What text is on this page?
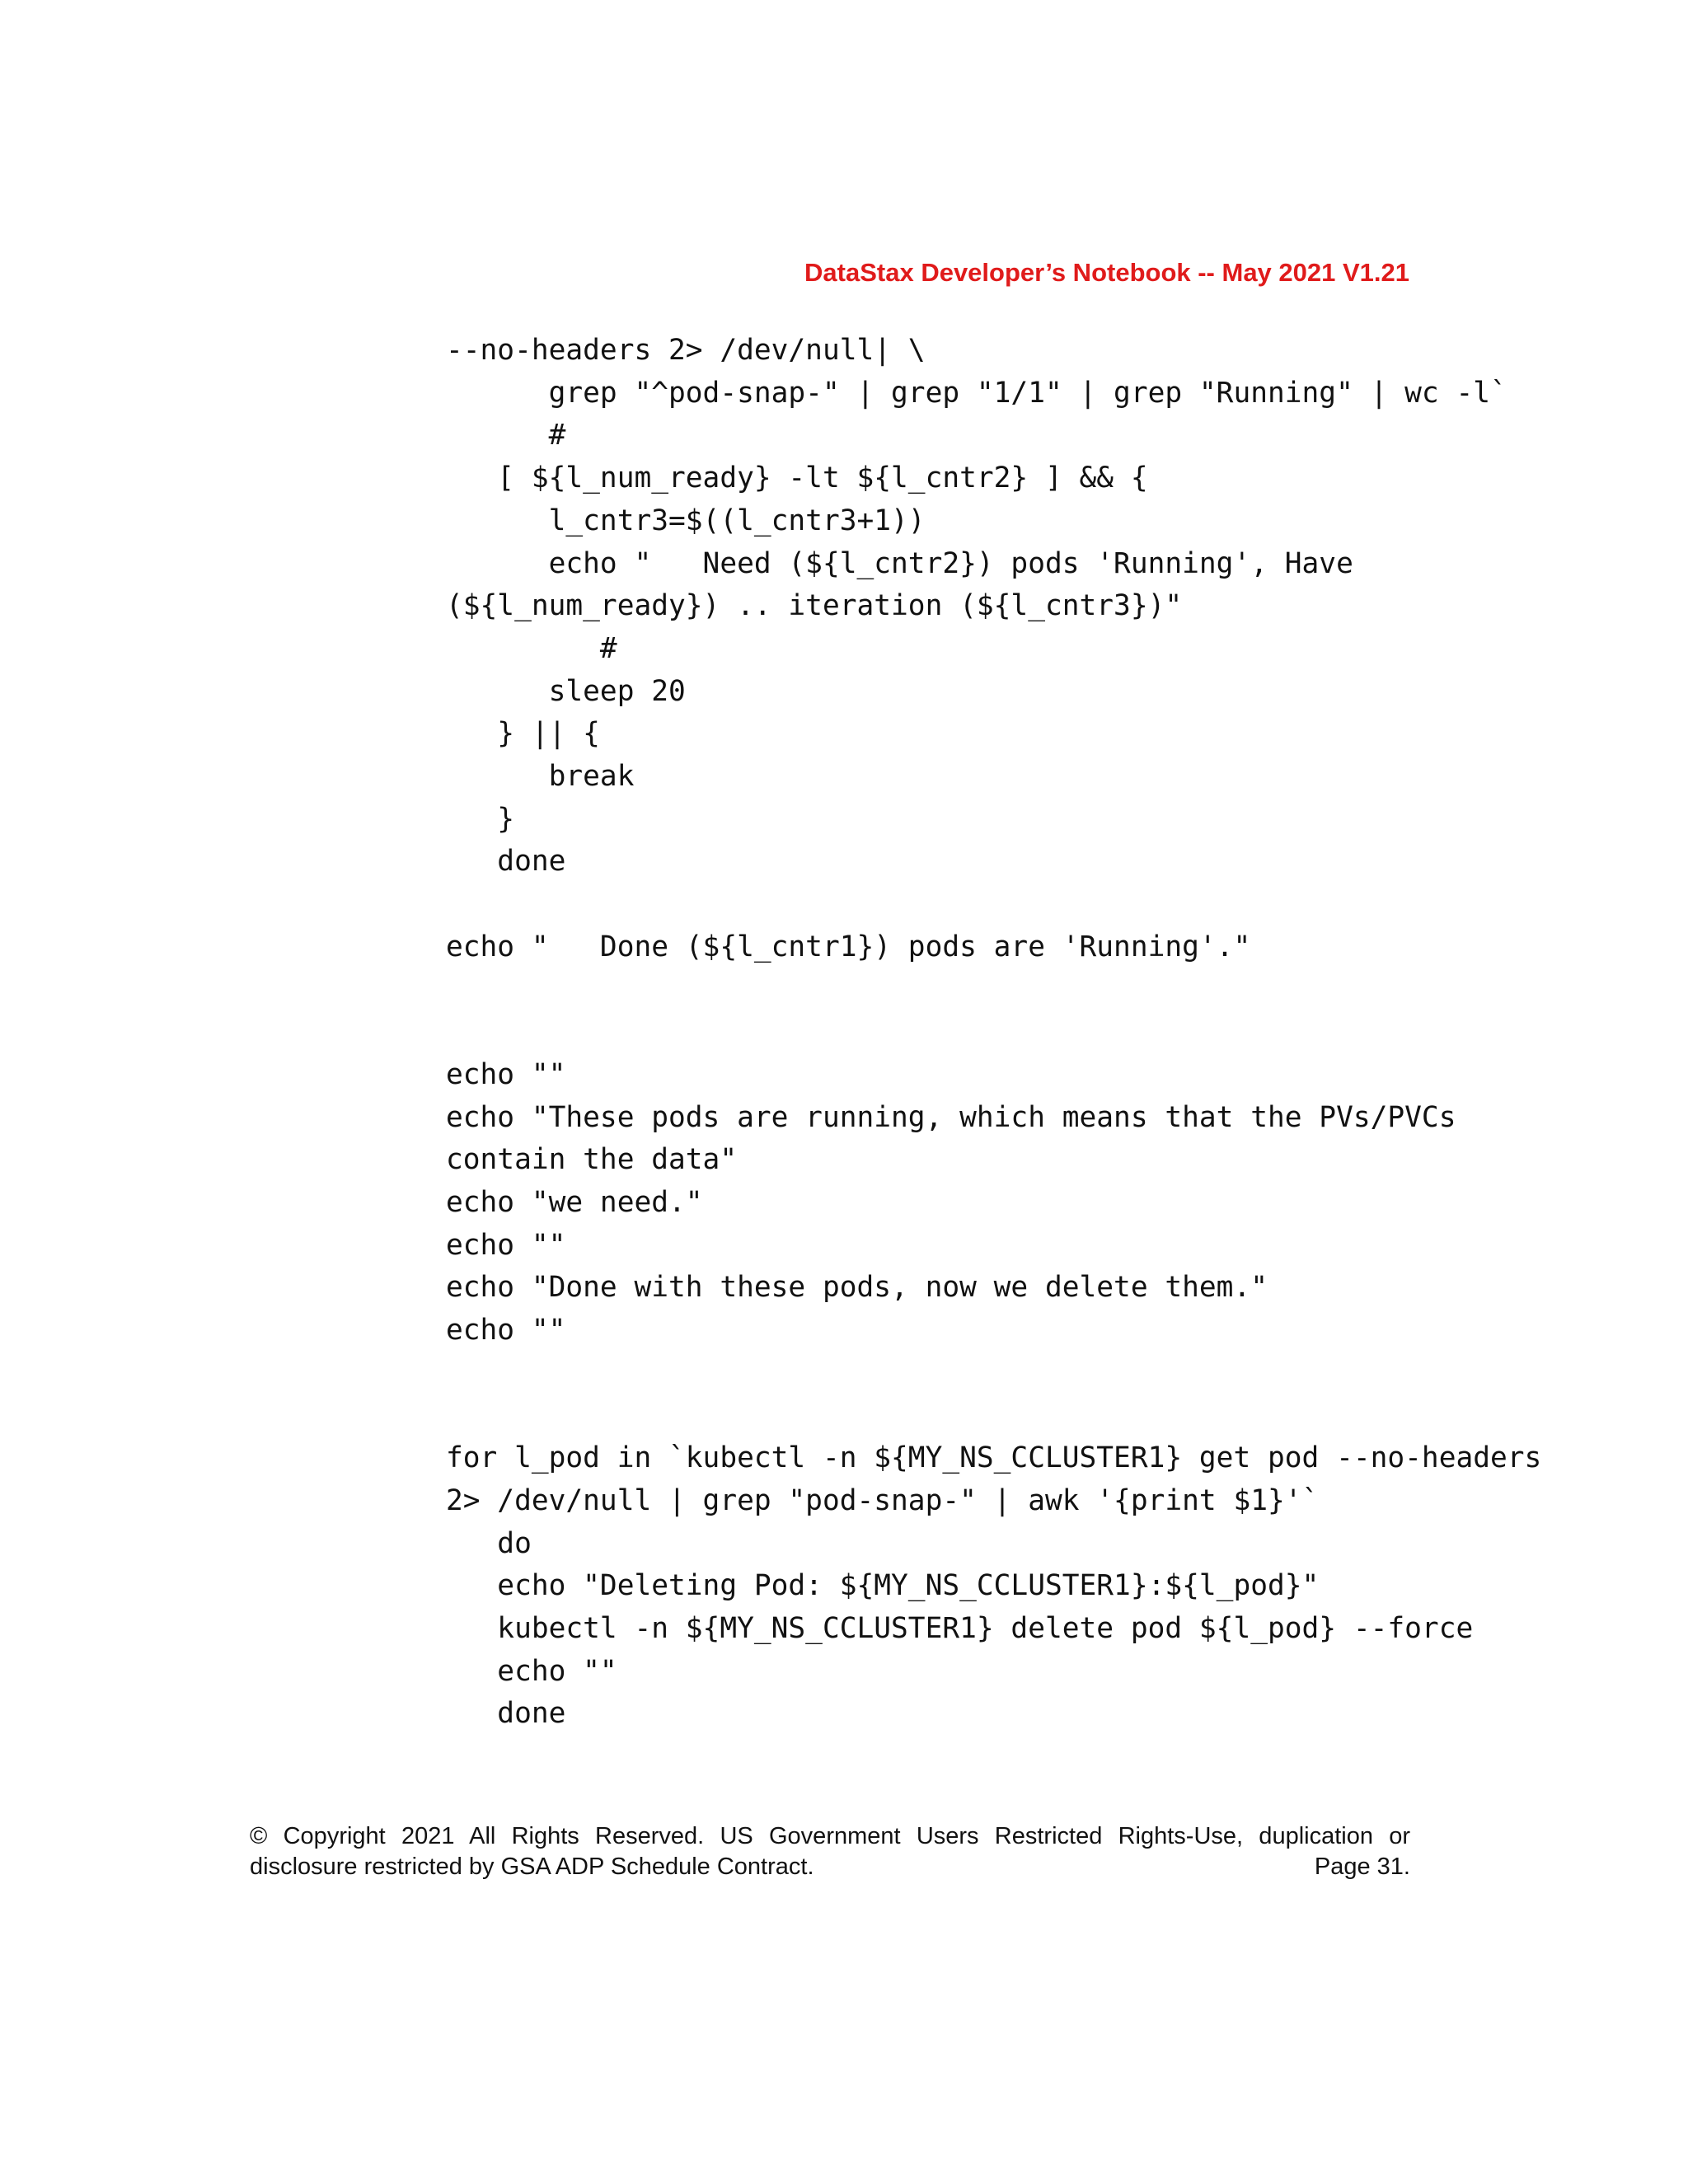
DataStax Developer’s Notebook -- May 2021 V1.21
--no-headers 2> /dev/null| \
grep "^pod-snap-" | grep "1/1" | grep "Running" | wc -l`
#
[ ${l_num_ready} -lt ${l_cntr2} ] && {
l_cntr3=$((l_cntr3+1))
echo "   Need (${l_cntr2}) pods 'Running', Have
(${l_num_ready}) .. iteration (${l_cntr3})"
#
sleep 20
} || {
break
}
done
echo "   Done (${l_cntr1}) pods are 'Running'."
echo ""
echo "These pods are running, which means that the PVs/PVCs
contain the data"
echo "we need."
echo ""
echo "Done with these pods, now we delete them."
echo ""
for l_pod in `kubectl -n ${MY_NS_CCLUSTER1} get pod --no-headers
2> /dev/null | grep "pod-snap-" | awk '{print $1}'`
do
echo "Deleting Pod: ${MY_NS_CCLUSTER1}:${l_pod}"
kubectl -n ${MY_NS_CCLUSTER1} delete pod ${l_pod} --force
echo ""
done
© Copyright 2021 All Rights Reserved. US Government Users Restricted Rights-Use, duplication or
disclosure restricted by GSA ADP Schedule Contract.	Page 31.
